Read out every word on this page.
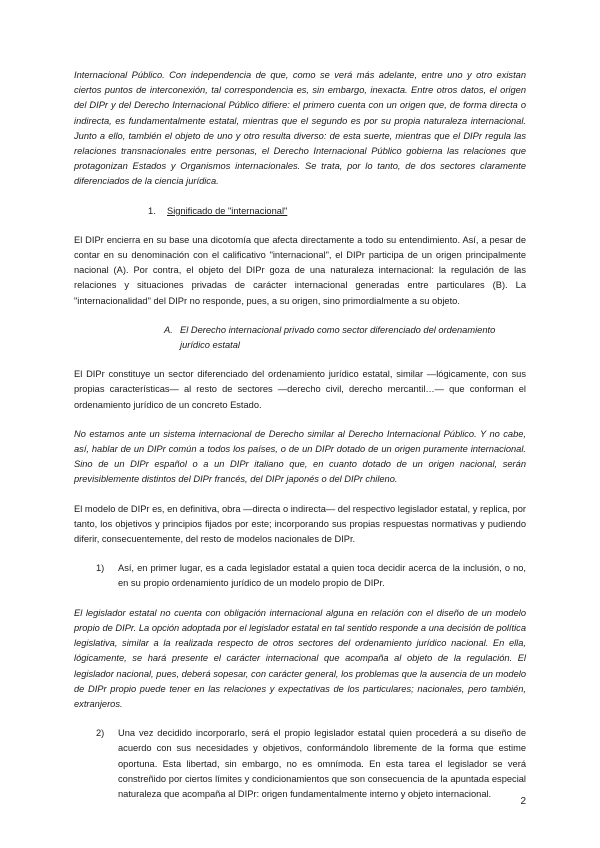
Internacional Público. Con independencia de que, como se verá más adelante, entre uno y otro existan ciertos puntos de interconexión, tal correspondencia es, sin embargo, inexacta. Entre otros datos, el origen del DIPr y del Derecho Internacional Público difiere: el primero cuenta con un origen que, de forma directa o indirecta, es fundamentalmente estatal, mientras que el segundo es por su propia naturaleza internacional. Junto a ello, también el objeto de uno y otro resulta diverso: de esta suerte, mientras que el DIPr regula las relaciones transnacionales entre personas, el Derecho Internacional Público gobierna las relaciones que protagonizan Estados y Organismos internacionales. Se trata, por lo tanto, de dos sectores claramente diferenciados de la ciencia jurídica.

1. Significado de "internacional"

El DIPr encierra en su base una dicotomía que afecta directamente a todo su entendimiento. Así, a pesar de contar en su denominación con el calificativo "internacional", el DIPr participa de un origen principalmente nacional (A). Por contra, el objeto del DIPr goza de una naturaleza internacional: la regulación de las relaciones y situaciones privadas de carácter internacional generadas entre particulares (B). La "internacionalidad" del DIPr no responde, pues, a su origen, sino primordialmente a su objeto.

A. El Derecho internacional privado como sector diferenciado del ordenamiento jurídico estatal

El DIPr constituye un sector diferenciado del ordenamiento jurídico estatal, similar —lógicamente, con sus propias características— al resto de sectores —derecho civil, derecho mercantil…— que conforman el ordenamiento jurídico de un concreto Estado.

No estamos ante un sistema internacional de Derecho similar al Derecho Internacional Público. Y no cabe, así, hablar de un DIPr común a todos los países, o de un DIPr dotado de un origen puramente internacional. Sino de un DIPr español o a un DIPr italiano que, en cuanto dotado de un origen nacional, serán previsiblemente distintos del DIPr francés, del DIPr japonés o del DIPr chileno.

El modelo de DIPr es, en definitiva, obra —directa o indirecta— del respectivo legislador estatal, y replica, por tanto, los objetivos y principios fijados por este; incorporando sus propias respuestas normativas y pudiendo diferir, consecuentemente, del resto de modelos nacionales de DIPr.

1)	Así, en primer lugar, es a cada legislador estatal a quien toca decidir acerca de la inclusión, o no, en su propio ordenamiento jurídico de un modelo propio de DIPr.

El legislador estatal no cuenta con obligación internacional alguna en relación con el diseño de un modelo propio de DIPr. La opción adoptada por el legislador estatal en tal sentido responde a una decisión de política legislativa, similar a la realizada respecto de otros sectores del ordenamiento jurídico nacional. En ella, lógicamente, se hará presente el carácter internacional que acompaña al objeto de la regulación. El legislador nacional, pues, deberá sopesar, con carácter general, los problemas que la ausencia de un modelo de DIPr propio puede tener en las relaciones y expectativas de los particulares; nacionales, pero también, extranjeros.

2)	Una vez decidido incorporarlo, será el propio legislador estatal quien procederá a su diseño de acuerdo con sus necesidades y objetivos, conformándolo libremente de la forma que estime oportuna. Esta libertad, sin embargo, no es omnímoda. En esta tarea el legislador se verá constreñido por ciertos límites y condicionamientos que son consecuencia de la apuntada especial naturaleza que acompaña al DIPr: origen fundamentalmente interno y objeto internacional.

2
